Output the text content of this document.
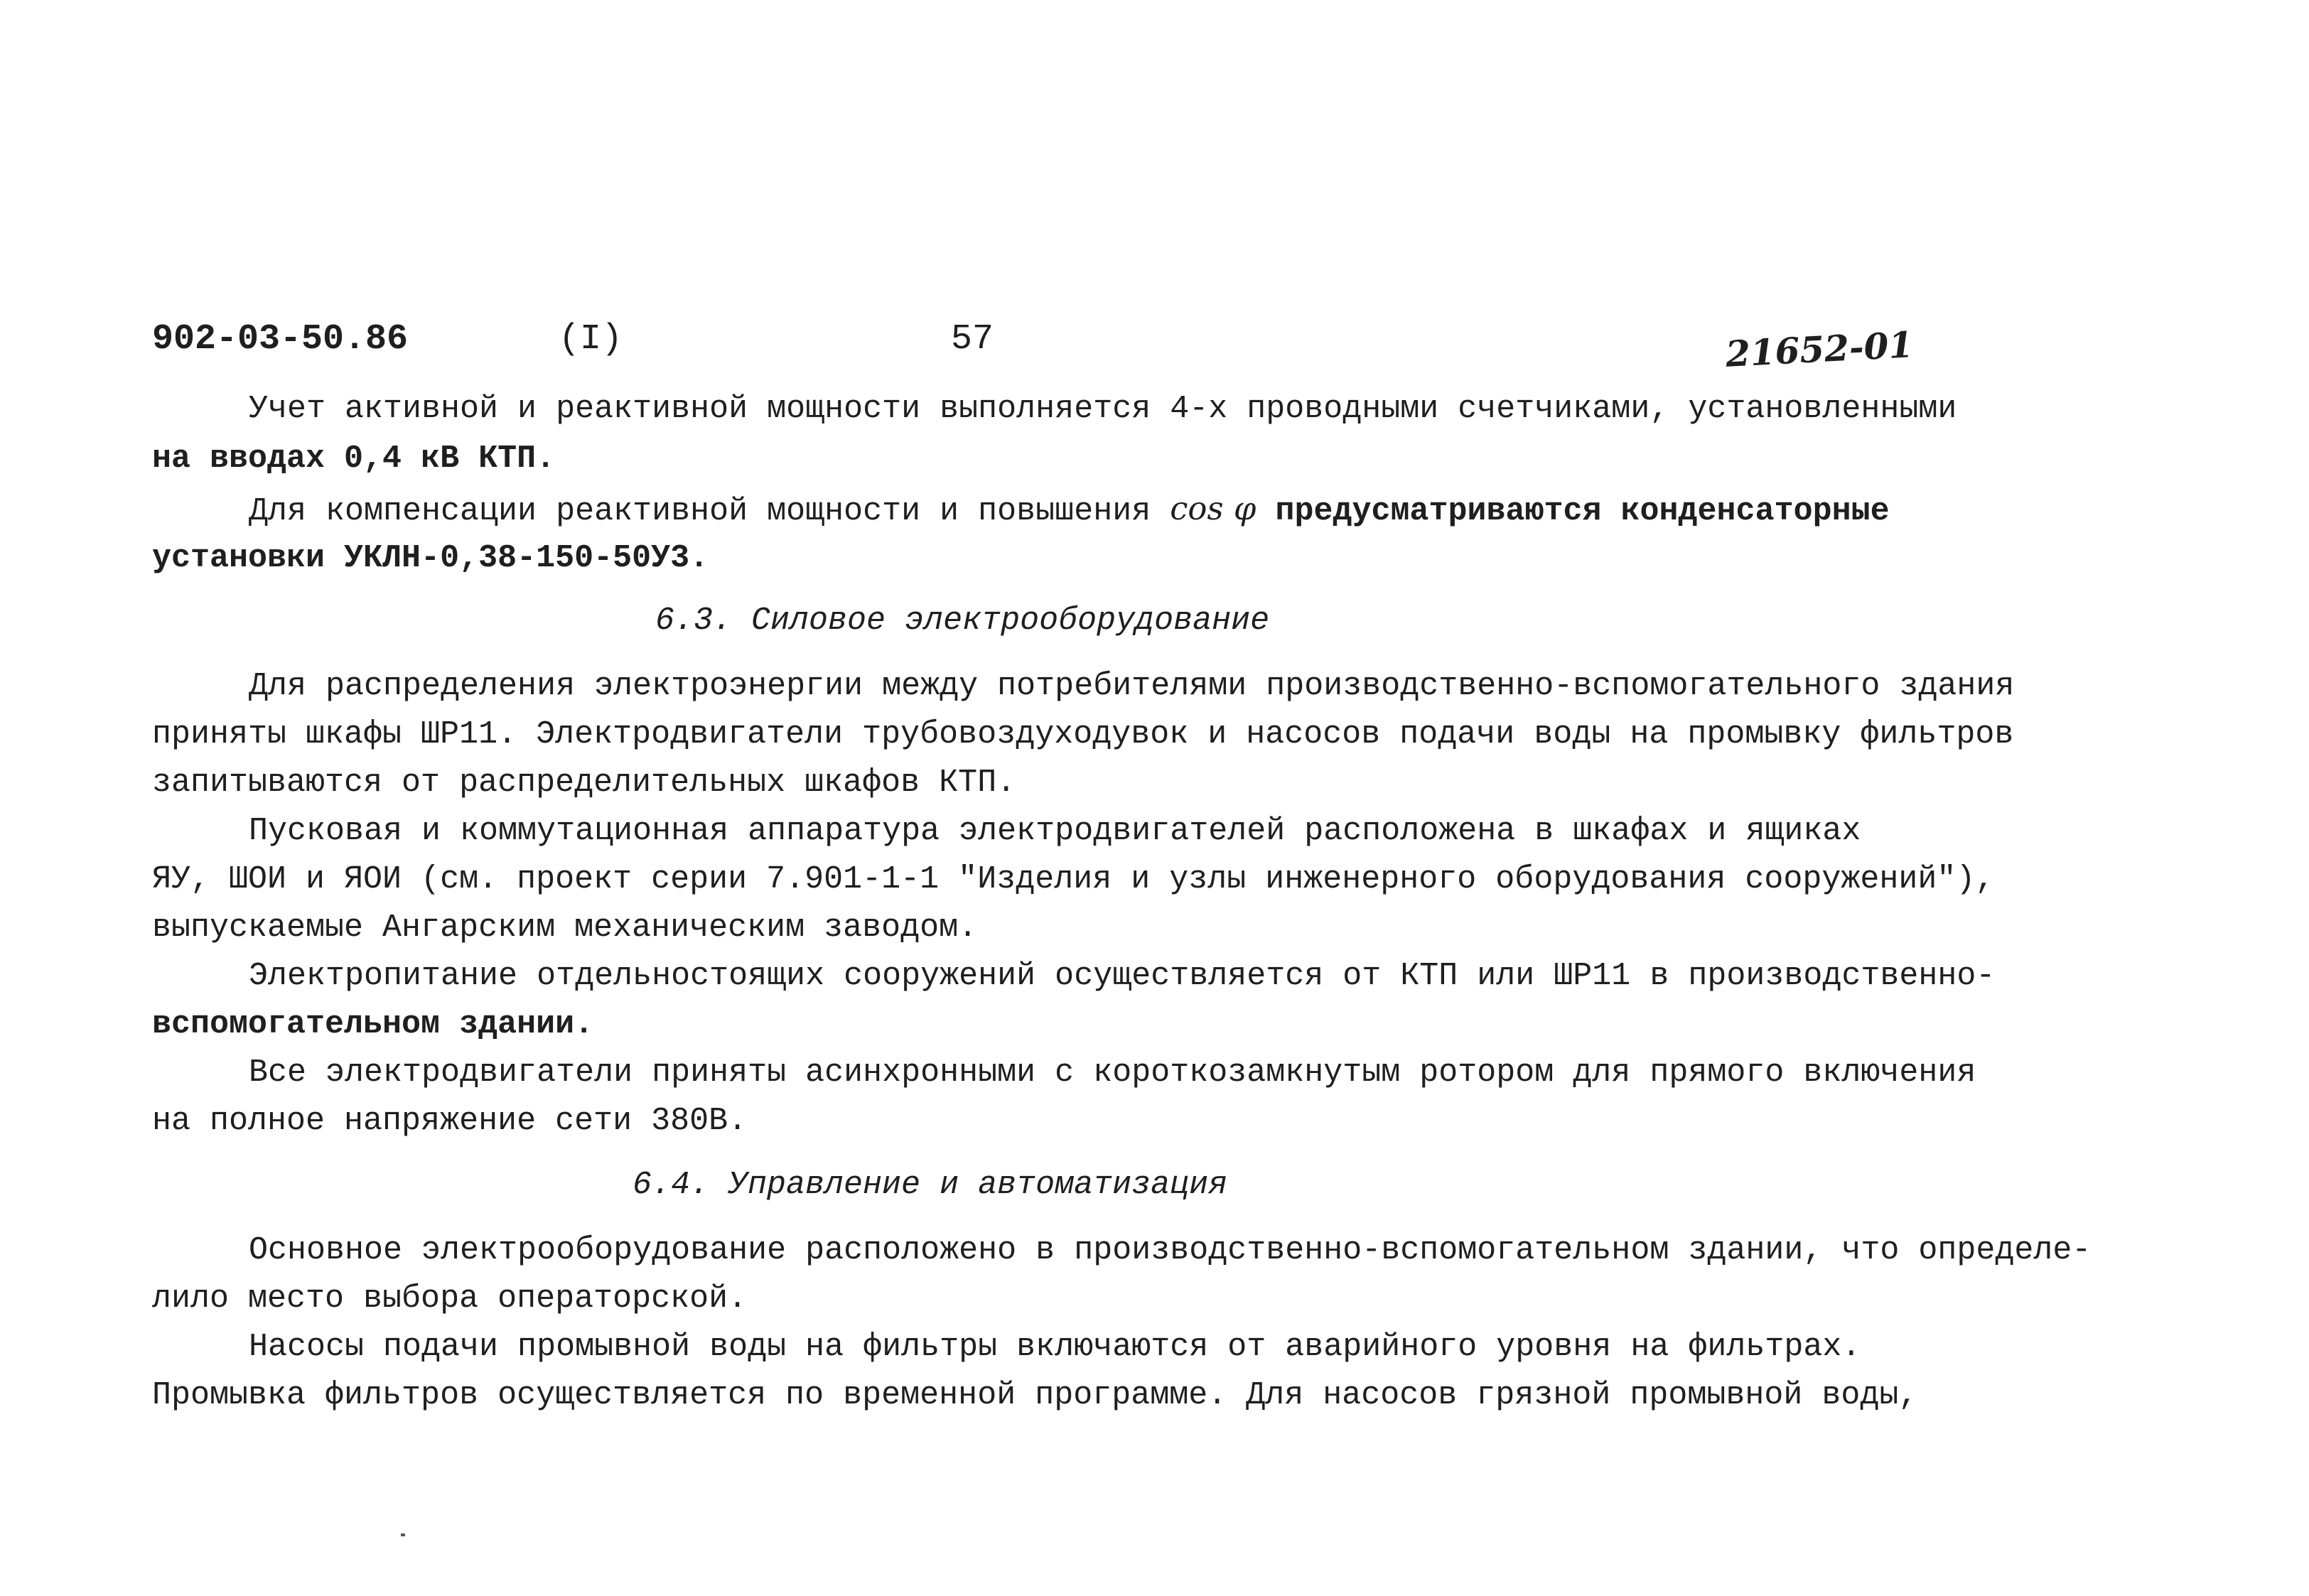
902-03-50.86	(I)	57	21652-01
Учет активной и реактивной мощности выполняется 4-х проводными счетчиками, установленными
на вводах 0,4 кВ КТП.
Для компенсации реактивной мощности и повышения cos φ предусматриваются конденсаторные
установки УКЛН-0,38-150-50У3.
6.3. Силовое электрооборудование
Для распределения электроэнергии между потребителями производственно-вспомогательного здания
приняты шкафы ШР11. Электродвигатели трубовоздуходувок и насосов подачи воды на промывку фильтров
запитываются от распределительных шкафов КТП.
Пусковая и коммутационная аппаратура электродвигателей расположена в шкафах и ящиках
ЯУ, ШОИ и ЯОИ (см. проект серии 7.901-1-1 "Изделия и узлы инженерного оборудования сооружений"),
выпускаемые Ангарским механическим заводом.
Электропитание отдельностоящих сооружений осуществляется от КТП или ШР11 в производственно-
вспомогательном здании.
Все электродвигатели приняты асинхронными с короткозамкнутым ротором для прямого включения
на полное напряжение сети 380В.
6.4. Управление и автоматизация
Основное электрооборудование расположено в производственно-вспомогательном здании, что определе-
лило место выбора операторской.
Насосы подачи промывной воды на фильтры включаются от аварийного уровня на фильтрах.
Промывка фильтров осуществляется по временной программе. Для насосов грязной промывной воды,
